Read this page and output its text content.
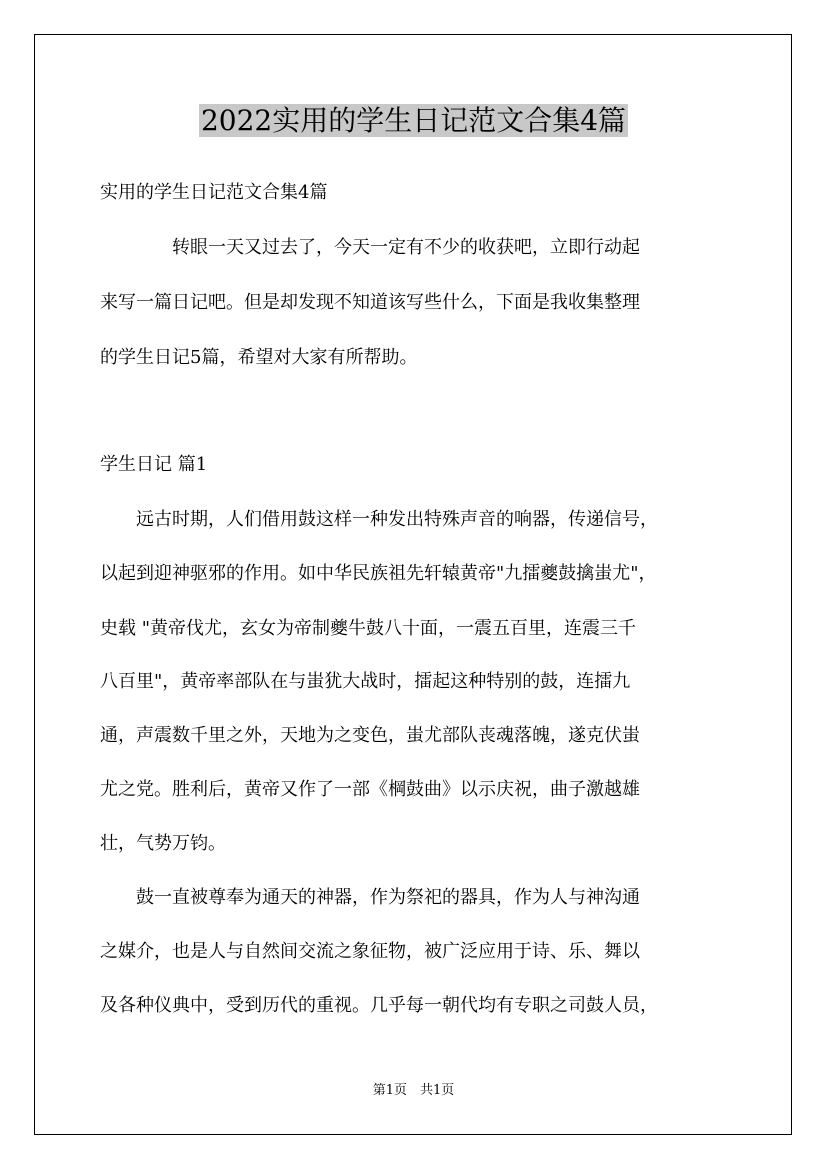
2022实用的学生日记范文合集4篇
实用的学生日记范文合集4篇
　　　　转眼一天又过去了，今天一定有不少的收获吧，立即行动起
来写一篇日记吧。但是却发现不知道该写些什么，下面是我收集整理
的学生日记5篇，希望对大家有所帮助。
学生日记 篇1
　　远古时期，人们借用鼓这样一种发出特殊声音的响器，传递信号，
以起到迎神驱邪的作用。如中华民族祖先轩辕黄帝"九擂夔鼓擒蚩尤"，
史载 "黄帝伐尤，玄女为帝制夔牛鼓八十面，一震五百里，连震三千
八百里"，黄帝率部队在与蚩犹大战时，擂起这种特别的鼓，连擂九
通，声震数千里之外，天地为之变色，蚩尤部队丧魂落魄，遂克伏蚩
尤之党。胜利后，黄帝又作了一部《棡鼓曲》以示庆祝，曲子激越雄
壮，气势万钧。
　　鼓一直被尊奉为通天的神器，作为祭祀的器具，作为人与神沟通
之媒介，也是人与自然间交流之象征物，被广泛应用于诗、乐、舞以
及各种仪典中，受到历代的重视。几乎每一朝代均有专职之司鼓人员，
第1页　共1页
